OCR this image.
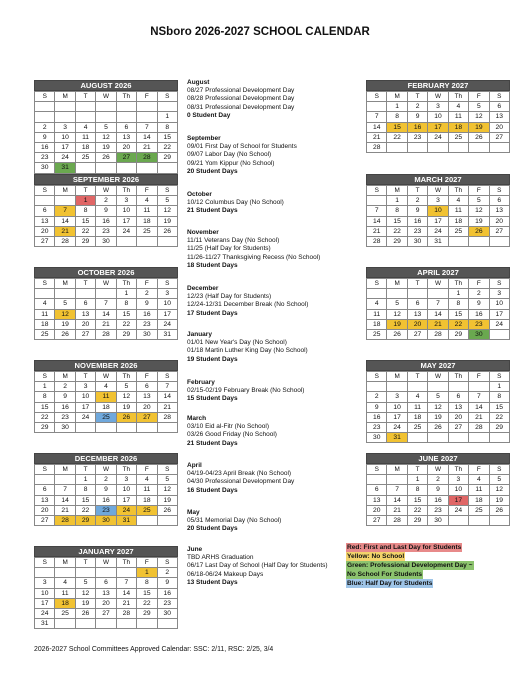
NSboro 2026-2027 SCHOOL CALENDAR
AUGUST 2026
S	M	T	W	Th	F	S

						1
2	3	4	5	6	7	8
9	10	11	12	13	14	15
16	17	18	19	20	21	22
23	24	25	26	27	28	29
30	31					
SEPTEMBER 2026
S	M	T	W	Th	F	S
		1	2	3	4	5
6	7	8	9	10	11	12
13	14	15	16	17	18	19
20	21	22	23	24	25	26
27	28	29	30			
OCTOBER 2026
S	M	T	W	Th	F	S
				1	2	3
4	5	6	7	8	9	10
11	12	13	14	15	16	17
18	19	20	21	22	23	24
25	26	27	28	29	30	31
NOVEMBER 2026
S	M	T	W	Th	F	S
1	2	3	4	5	6	7
8	9	10	11	12	13	14
15	16	17	18	19	20	21
22	23	24	25	26	27	28
29	30					
DECEMBER 2026
S	M	T	W	Th	F	S
		1	2	3	4	5
6	7	8	9	10	11	12
13	14	15	16	17	18	19
20	21	22	23	24	25	26
27	28	29	30	31		
JANUARY 2027
S	M	T	W	Th	F	S
					1	2
3	4	5	6	7	8	9
10	11	12	13	14	15	16
17	18	19	20	21	22	23
24	25	26	27	28	29	30
31						
FEBRUARY 2027
S	M	T	W	Th	F	S
	1	2	3	4	5	6
7	8	9	10	11	12	13
14	15	16	17	18	19	20
21	22	23	24	25	26	27
28						
MARCH 2027
S	M	T	W	Th	F	S
	1	2	3	4	5	6
7	8	9	10	11	12	13
14	15	16	17	18	19	20
21	22	23	24	25	26	27
28	29	30	31			
APRIL 2027
S	M	T	W	Th	F	S
				1	2	3
4	5	6	7	8	9	10
11	12	13	14	15	16	17
18	19	20	21	22	23	24
25	26	27	28	29	30	
MAY 2027
S	M	T	W	Th	F	S
						1
2	3	4	5	6	7	8
9	10	11	12	13	14	15
16	17	18	19	20	21	22
23	24	25	26	27	28	29
30	31					
JUNE 2027
S	M	T	W	Th	F	S
		1	2	3	4	5
6	7	8	9	10	11	12
13	14	15	16	17	18	19
20	21	22	23	24	25	26
27	28	29	30			
August
08/27 Professional Development Day
08/28 Professional Development Day
08/31 Professional Development Day
0 Student Day
September
09/01 First Day of School for Students
09/07 Labor Day (No School)
09/21 Yom Kippur (No School)
20 Student Days
October
10/12 Columbus Day (No School)
21 Student Days
November
11/11 Veterans Day (No School)
11/25 (Half Day for Students)
11/26-11/27 Thanksgiving Recess (No School)
18 Student Days
December
12/23 (Half Day for Students)
12/24-12/31 December Break (No School)
17 Student Days
January
01/01 New Year's Day (No School)
01/18 Martin Luther King Day (No School)
19 Student Days
February
02/15-02/19 February Break (No School)
15 Student Days
March
03/10 Eid al-Fitr (No School)
03/26 Good Friday (No School)
21 Student Days
April
04/19-04/23 April Break (No School)
04/30 Professional Development Day
16 Student Days
May
05/31 Memorial Day (No School)
20 Student Days
June
TBD ARHS Graduation
06/17 Last Day of School (Half Day for Students)
06/18-06/24 Makeup Days
13 Student Days
Red: First and Last Day for Students
Yellow: No School
Green: Professional Development Day ~
No School For Students
Blue: Half Day for Students
2026-2027 School Committees Approved Calendar: SSC: 2/11, RSC: 2/25, 3/4
